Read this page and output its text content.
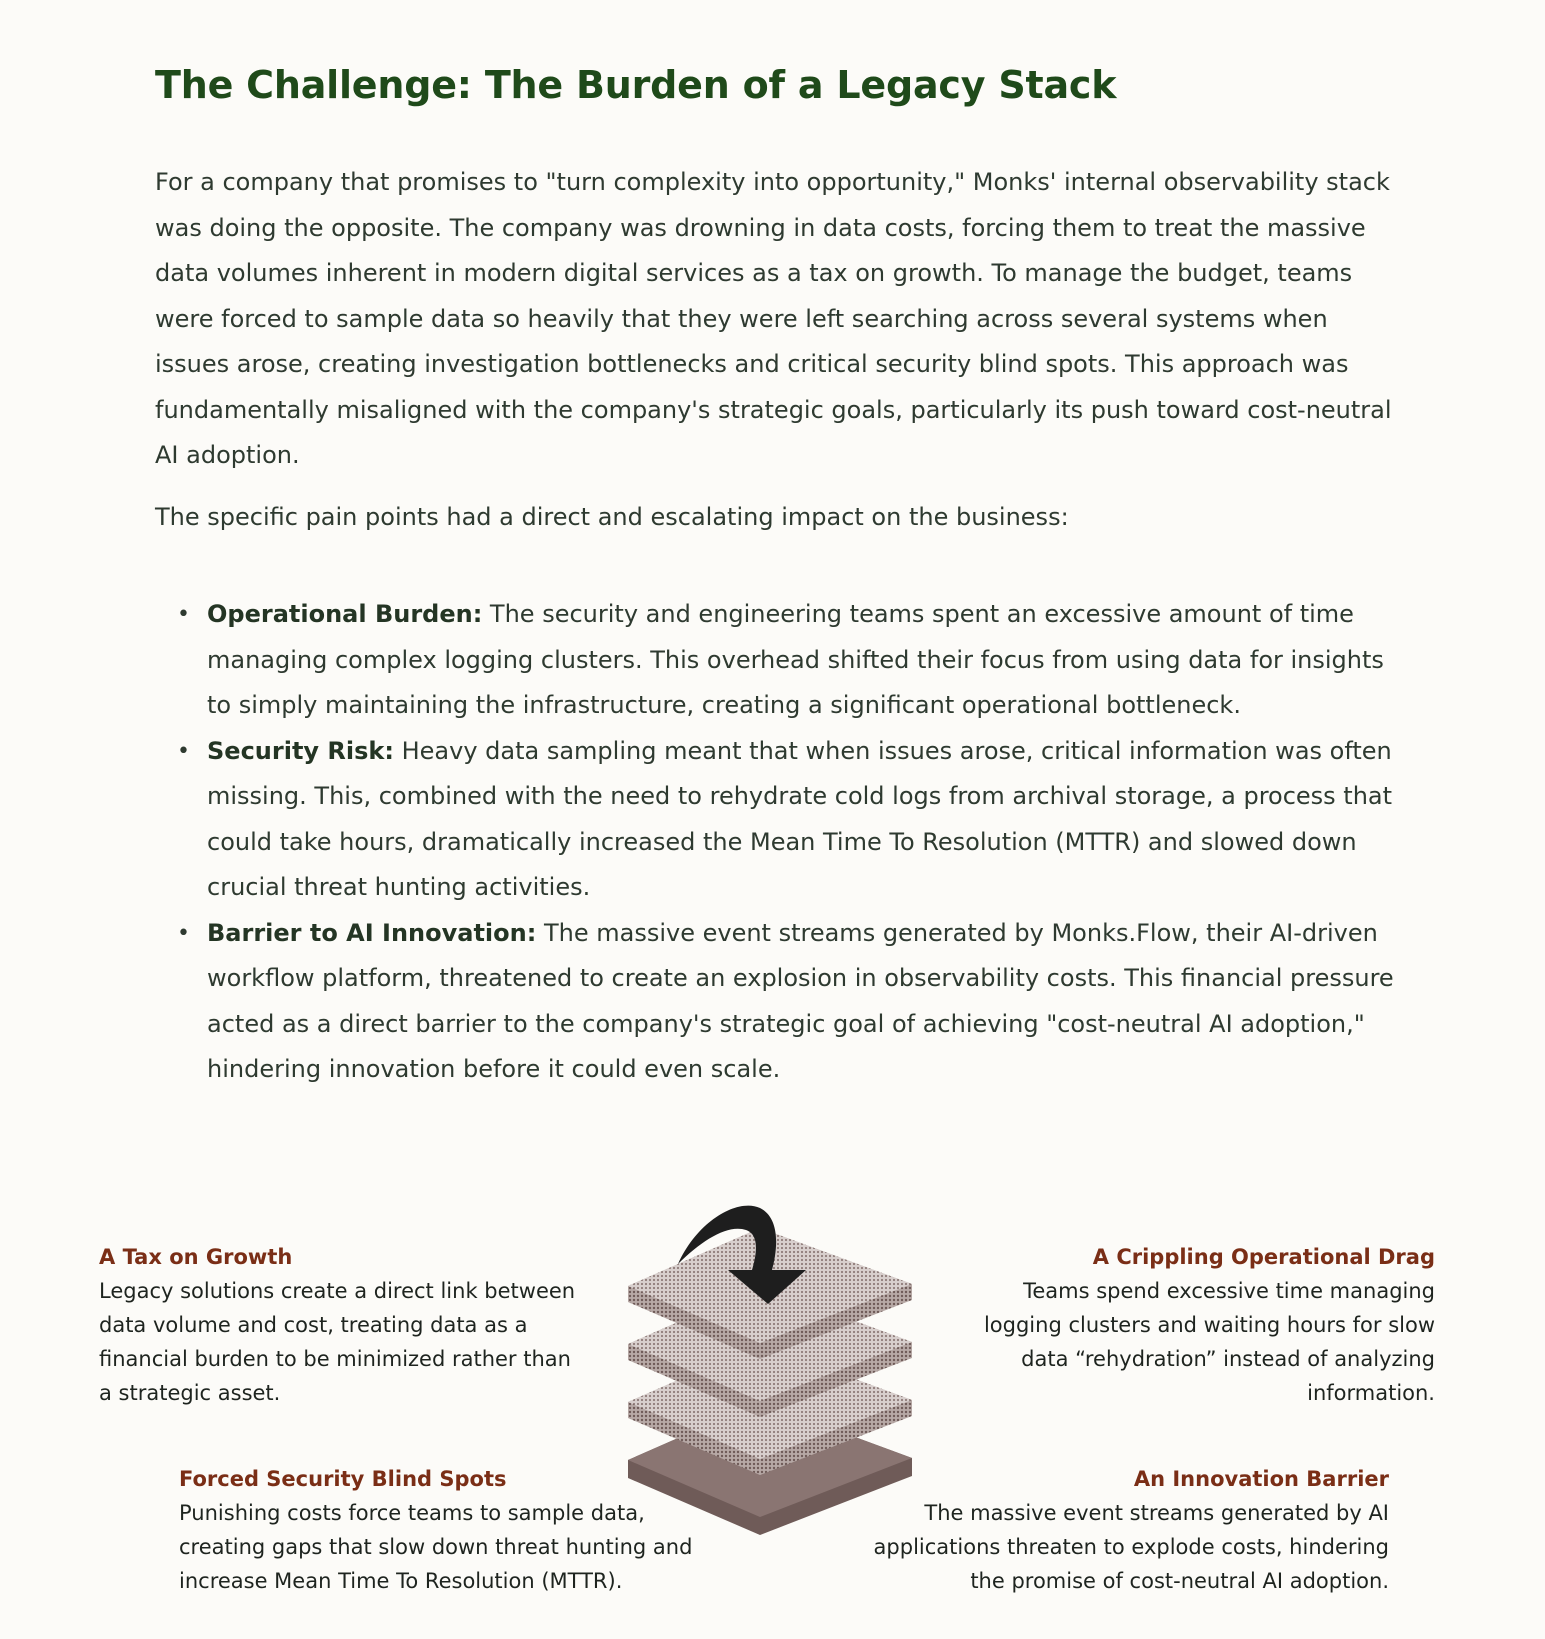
The Challenge: The Burden of a Legacy Stack

For a company that promises to "turn complexity into opportunity," Monks' internal observability stack was doing the opposite. The company was drowning in data costs, forcing them to treat the massive data volumes inherent in modern digital services as a tax on growth. To manage the budget, teams were forced to sample data so heavily that they were left searching across several systems when issues arose, creating investigation bottlenecks and critical security blind spots. This approach was fundamentally misaligned with the company's strategic goals, particularly its push toward cost-neutral AI adoption.

The specific pain points had a direct and escalating impact on the business:

• Operational Burden: The security and engineering teams spent an excessive amount of time managing complex logging clusters. This overhead shifted their focus from using data for insights to simply maintaining the infrastructure, creating a significant operational bottleneck.
• Security Risk: Heavy data sampling meant that when issues arose, critical information was often missing. This, combined with the need to rehydrate cold logs from archival storage, a process that could take hours, dramatically increased the Mean Time To Resolution (MTTR) and slowed down crucial threat hunting activities.
• Barrier to AI Innovation: The massive event streams generated by Monks.Flow, their AI-driven workflow platform, threatened to create an explosion in observability costs. This financial pressure acted as a direct barrier to the company's strategic goal of achieving "cost-neutral AI adoption," hindering innovation before it could even scale.
A Tax on Growth
Legacy solutions create a direct link between data volume and cost, treating data as a financial burden to be minimized rather than a strategic asset.
A Crippling Operational Drag
Teams spend excessive time managing logging clusters and waiting hours for slow data “rehydration” instead of analyzing information.
Forced Security Blind Spots
Punishing costs force teams to sample data, creating gaps that slow down threat hunting and increase Mean Time To Resolution (MTTR).
An Innovation Barrier
The massive event streams generated by AI applications threaten to explode costs, hindering the promise of cost-neutral AI adoption.
